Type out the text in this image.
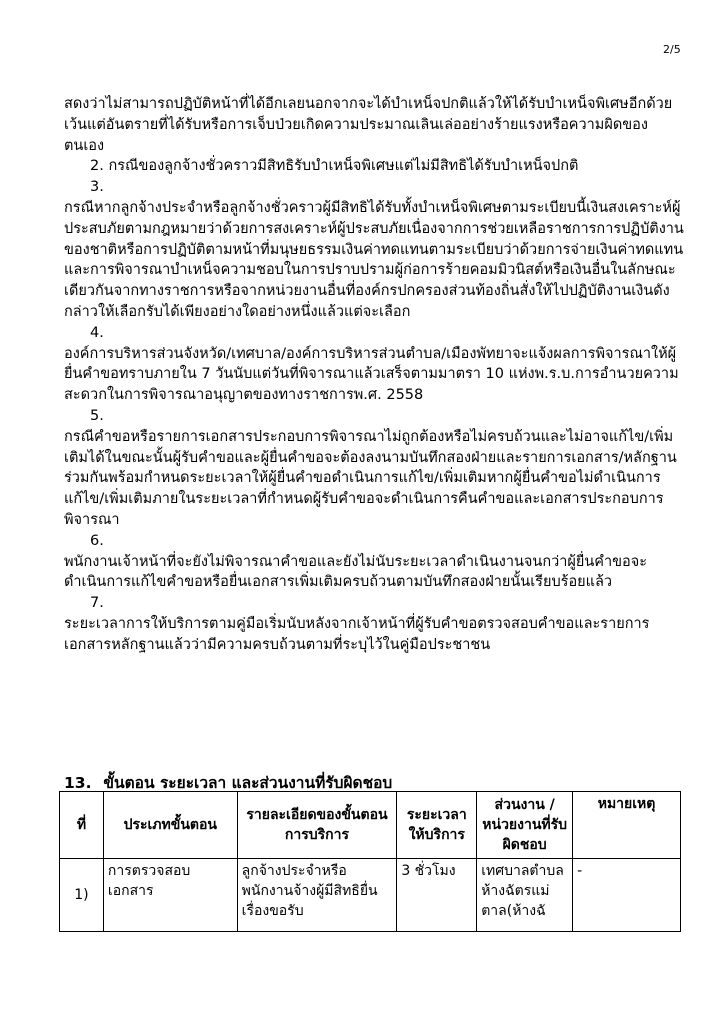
2/5

สดงว่าไม่สามารถปฏิบัติหน้าที่ได้อีกเลยนอกจากจะได้บำเหน็จปกติแล้วให้ได้รับบำเหน็จพิเศษอีกด้วยเว้นแต่อันตรายที่ได้รับหรือการเจ็บป่วยเกิดความประมาณเลินเล่ออย่างร้ายแรงหรือความผิดของตนเอง

2. กรณีของลูกจ้างชั่วคราวมีสิทธิรับบำเหน็จพิเศษแต่ไม่มีสิทธิได้รับบำเหน็จปกติ

3.

กรณีหากลูกจ้างประจำหรือลูกจ้างชั่วคราวผู้มีสิทธิได้รับทั้งบำเหน็จพิเศษตามระเบียบนี้เงินสงเคราะห์ผู้ประสบภัยตามกฎหมายว่าด้วยการสงเคราะห์ผู้ประสบภัยเนื่องจากการช่วยเหลือราชการการปฏิบัติงานของชาติหรือการปฏิบัติตามหน้าที่มนุษยธรรมเงินค่าทดแทนตามระเบียบว่าด้วยการจ่ายเงินค่าทดแทนและการพิจารณาบำเหน็จความชอบในการปราบปรามผู้ก่อการร้ายคอมมิวนิสต์หรือเงินอื่นในลักษณะเดียวกันจากทางราชการหรือจากหน่วยงานอื่นที่องค์กรปกครองส่วนท้องถิ่นสั่งให้ไปปฏิบัติงานเงินดังกล่าวให้เลือกรับได้เพียงอย่างใดอย่างหนึ่งแล้วแต่จะเลือก

4.

องค์การบริหารส่วนจังหวัด/เทศบาล/องค์การบริหารส่วนตำบล/เมืองพัทยาจะแจ้งผลการพิจารณาให้ผู้ยื่นคำขอทราบภายใน 7 วันนับแต่วันที่พิจารณาแล้วเสร็จตามมาตรา 10 แห่งพ.ร.บ.การอำนวยความสะดวกในการพิจารณาอนุญาตของทางราชการพ.ศ. 2558

5.

กรณีคำขอหรือรายการเอกสารประกอบการพิจารณาไม่ถูกต้องหรือไม่ครบถ้วนและไม่อาจแก้ไข/เพิ่มเติมได้ในขณะนั้นผู้รับคำขอและผู้ยื่นคำขอจะต้องลงนามบันทึกสองฝ่ายและรายการเอกสาร/หลักฐานร่วมกันพร้อมกำหนดระยะเวลาให้ผู้ยื่นคำขอดำเนินการแก้ไข/เพิ่มเติมหากผู้ยื่นคำขอไม่ดำเนินการแก้ไข/เพิ่มเติมภายในระยะเวลาที่กำหนดผู้รับคำขอจะดำเนินการคืนคำขอและเอกสารประกอบการพิจารณา

6.

พนักงานเจ้าหน้าที่จะยังไม่พิจารณาคำขอและยังไม่นับระยะเวลาดำเนินงานจนกว่าผู้ยื่นคำขอจะดำเนินการแก้ไขคำขอหรือยื่นเอกสารเพิ่มเติมครบถ้วนตามบันทึกสองฝ่ายนั้นเรียบร้อยแล้ว

7.

ระยะเวลาการให้บริการตามคู่มือเริ่มนับหลังจากเจ้าหน้าที่ผู้รับคำขอตรวจสอบคำขอและรายการเอกสารหลักฐานแล้วว่ามีความครบถ้วนตามที่ระบุไว้ในคู่มือประชาชน

13. ขั้นตอน ระยะเวลา และส่วนงานที่รับผิดชอบ
ที่	ประเภทขั้นตอน	รายละเอียดของขั้นตอนการบริการ	ระยะเวลาให้บริการ	ส่วนงาน / หน่วยงานที่รับผิดชอบ	หมายเหตุ
1)	การตรวจสอบเอกสาร	ลูกจ้างประจำหรือพนักงานจ้างผู้มีสิทธิยื่นเรื่องขอรับ	3 ชั่วโมง	เทศบาลตำบลห้างฉัตรแม่ตาล(ห้างฉั	-
